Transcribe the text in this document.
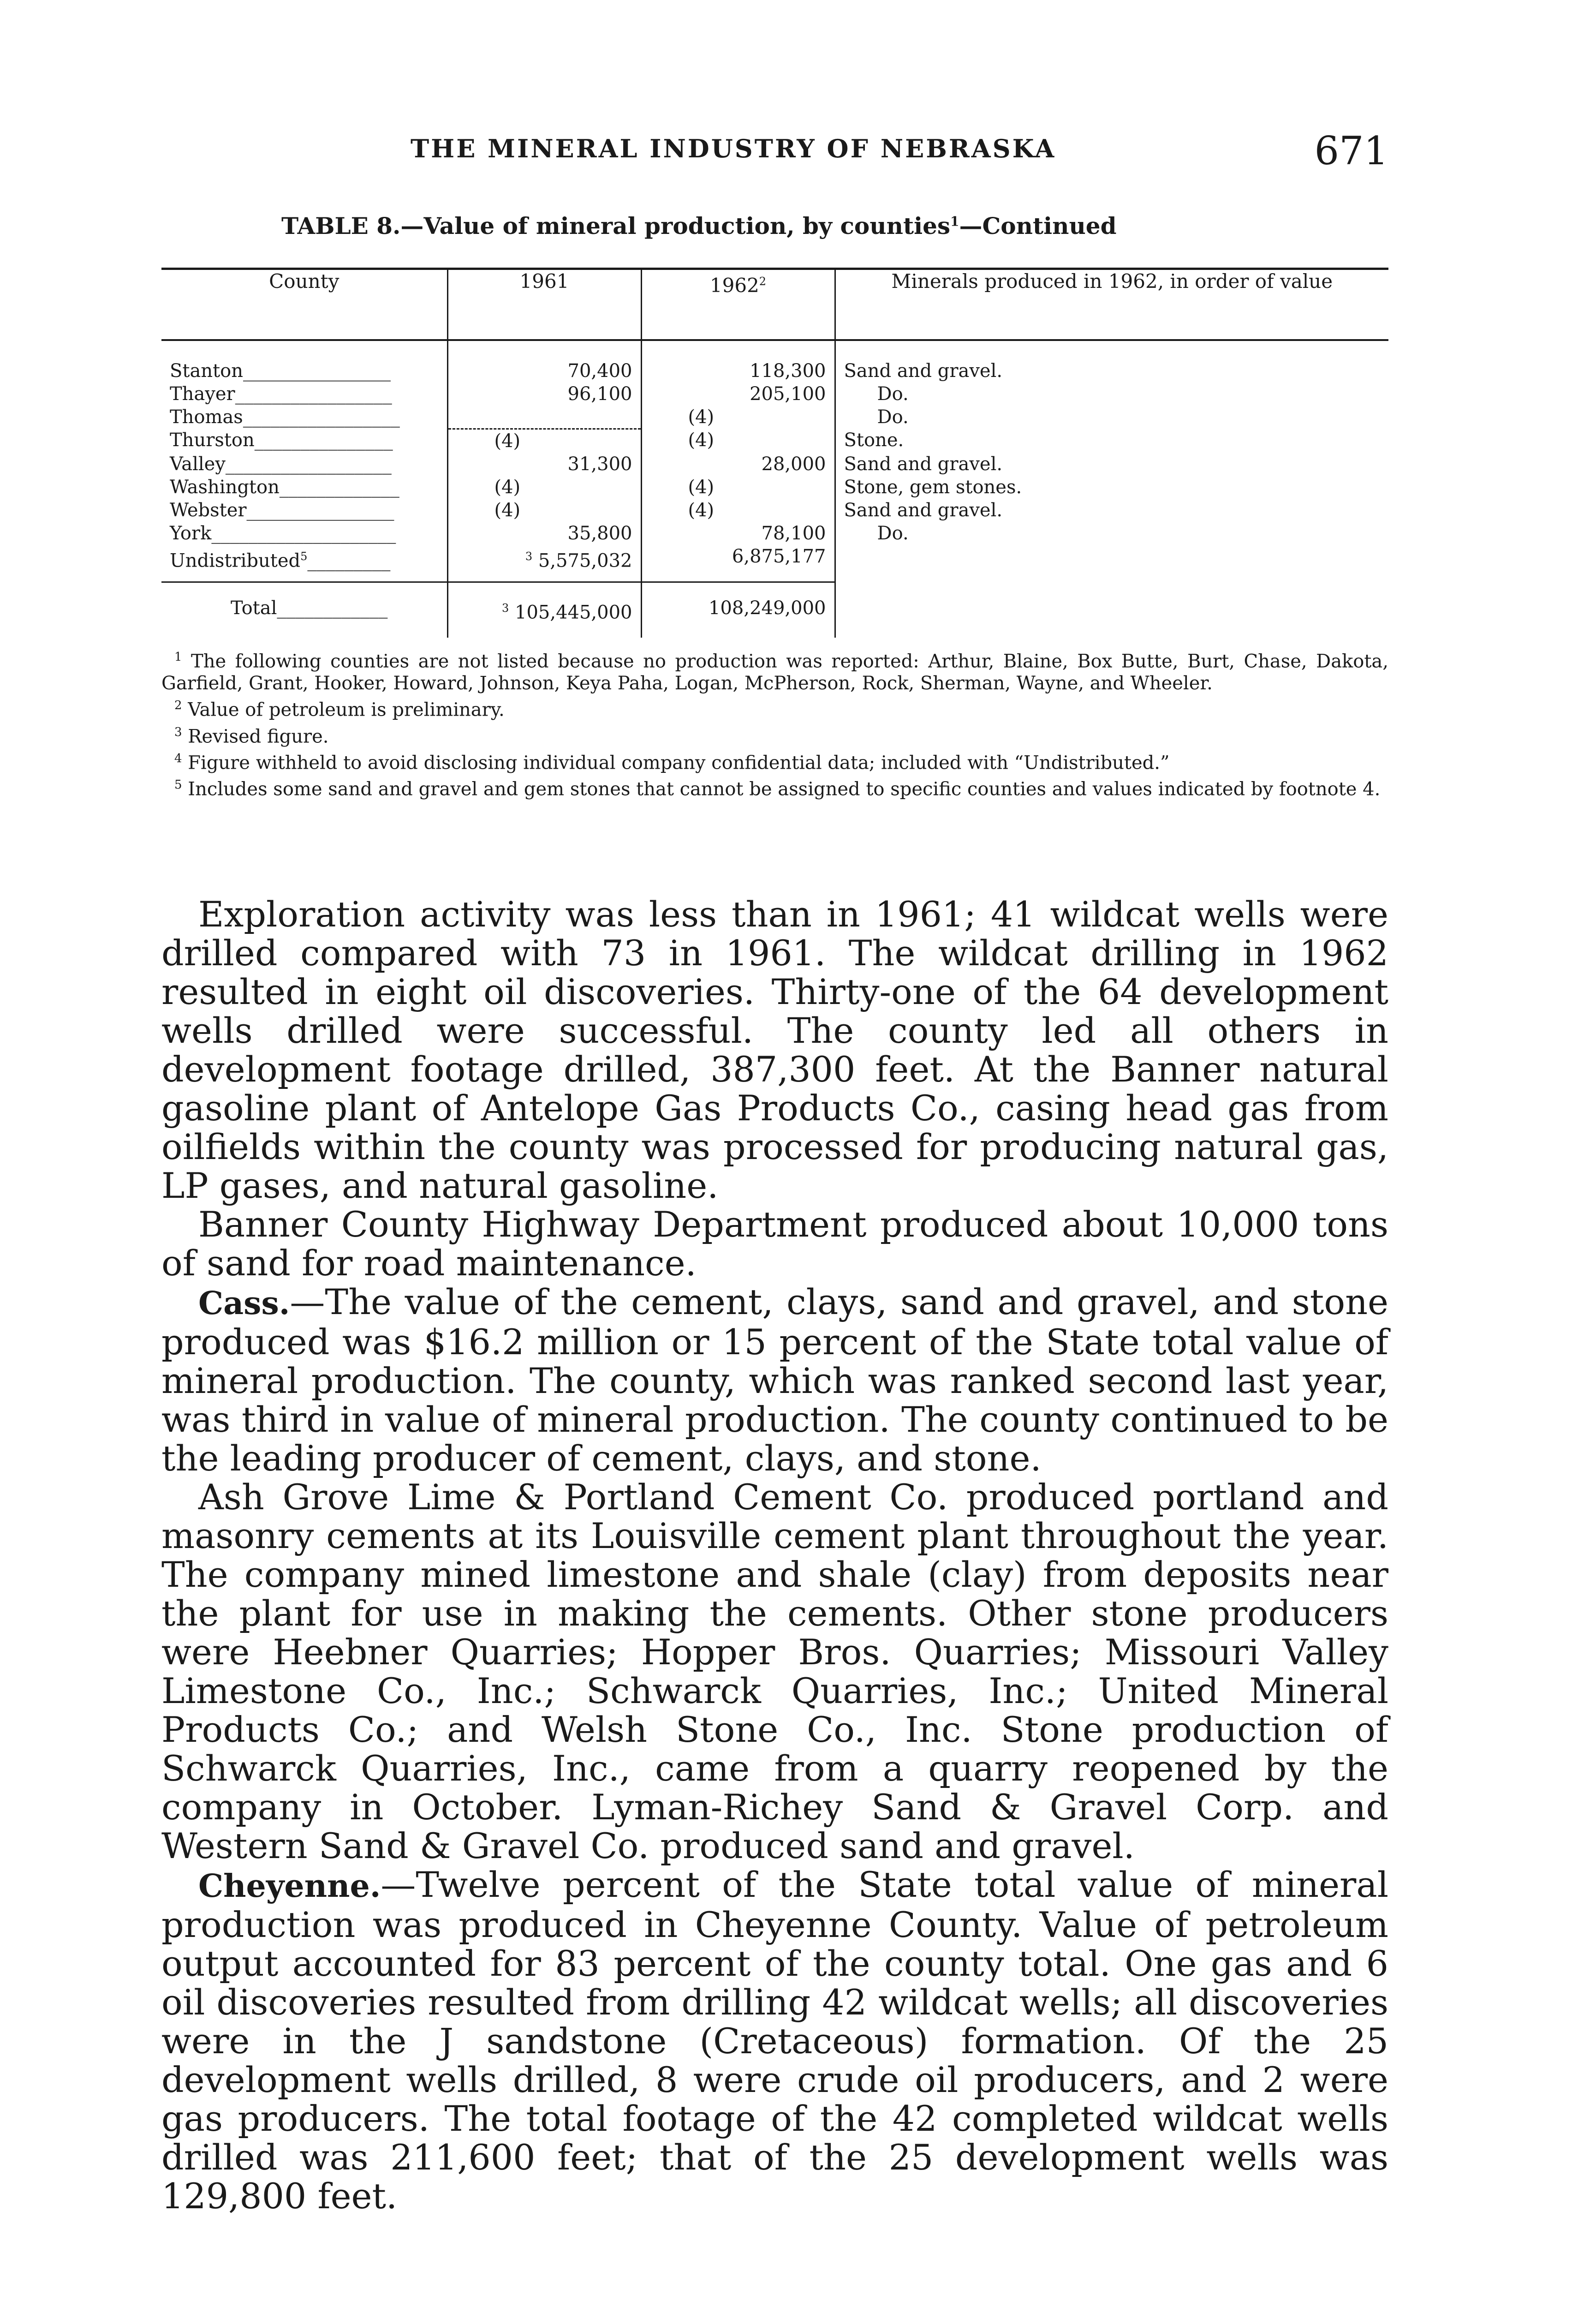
THE MINERAL INDUSTRY OF NEBRASKA	671
TABLE 8.—Value of mineral production, by counties$^1$—Continued
County	1961	1962$^2$	Minerals produced in 1962, in order of value

Stanton________________	70,400	118,300	Sand and gravel.
Thayer_________________	96,100	205,100	Do.
Thomas_________________		(4)	Do.
Thurston_______________	(4)	(4)	Stone.
Valley__________________	31,300	28,000	Sand and gravel.
Washington_____________	(4)	(4)	Stone, gem stones.
Webster________________	(4)	(4)	Sand and gravel.
York____________________	35,800	78,100	Do.
Undistributed$^5$_________	$^3$ 5,575,032	6,875,177	
Total____________	$^3$ 105,445,000	108,249,000	

$^1$ The following counties are not listed because no production was reported: Arthur, Blaine, Box Butte, Burt, Chase, Dakota, Garfield, Grant, Hooker, Howard, Johnson, Keya Paha, Logan, McPherson, Rock, Sherman, Wayne, and Wheeler.

$^2$ Value of petroleum is preliminary.

$^3$ Revised figure.

$^4$ Figure withheld to avoid disclosing individual company confidential data; included with “Undistributed.”

$^5$ Includes some sand and gravel and gem stones that cannot be assigned to specific counties and values indicated by footnote 4.

Exploration activity was less than in 1961; 41 wildcat wells were drilled compared with 73 in 1961. The wildcat drilling in 1962 resulted in eight oil discoveries. Thirty-one of the 64 development wells drilled were successful. The county led all others in development footage drilled, 387,300 feet. At the Banner natural gasoline plant of Antelope Gas Products Co., casing head gas from oilfields within the county was processed for producing natural gas, LP gases, and natural gasoline.

Banner County Highway Department produced about 10,000 tons of sand for road maintenance.

Cass.—The value of the cement, clays, sand and gravel, and stone produced was $16.2 million or 15 percent of the State total value of mineral production. The county, which was ranked second last year, was third in value of mineral production. The county continued to be the leading producer of cement, clays, and stone.

Ash Grove Lime & Portland Cement Co. produced portland and masonry cements at its Louisville cement plant throughout the year. The company mined limestone and shale (clay) from deposits near the plant for use in making the cements. Other stone producers were Heebner Quarries; Hopper Bros. Quarries; Missouri Valley Limestone Co., Inc.; Schwarck Quarries, Inc.; United Mineral Products Co.; and Welsh Stone Co., Inc. Stone production of Schwarck Quarries, Inc., came from a quarry reopened by the company in October. Lyman-Richey Sand & Gravel Corp. and Western Sand & Gravel Co. produced sand and gravel.

Cheyenne.—Twelve percent of the State total value of mineral production was produced in Cheyenne County. Value of petroleum output accounted for 83 percent of the county total. One gas and 6 oil discoveries resulted from drilling 42 wildcat wells; all discoveries were in the J sandstone (Cretaceous) formation. Of the 25 development wells drilled, 8 were crude oil producers, and 2 were gas producers. The total footage of the 42 completed wildcat wells drilled was 211,600 feet; that of the 25 development wells was 129,800 feet.
